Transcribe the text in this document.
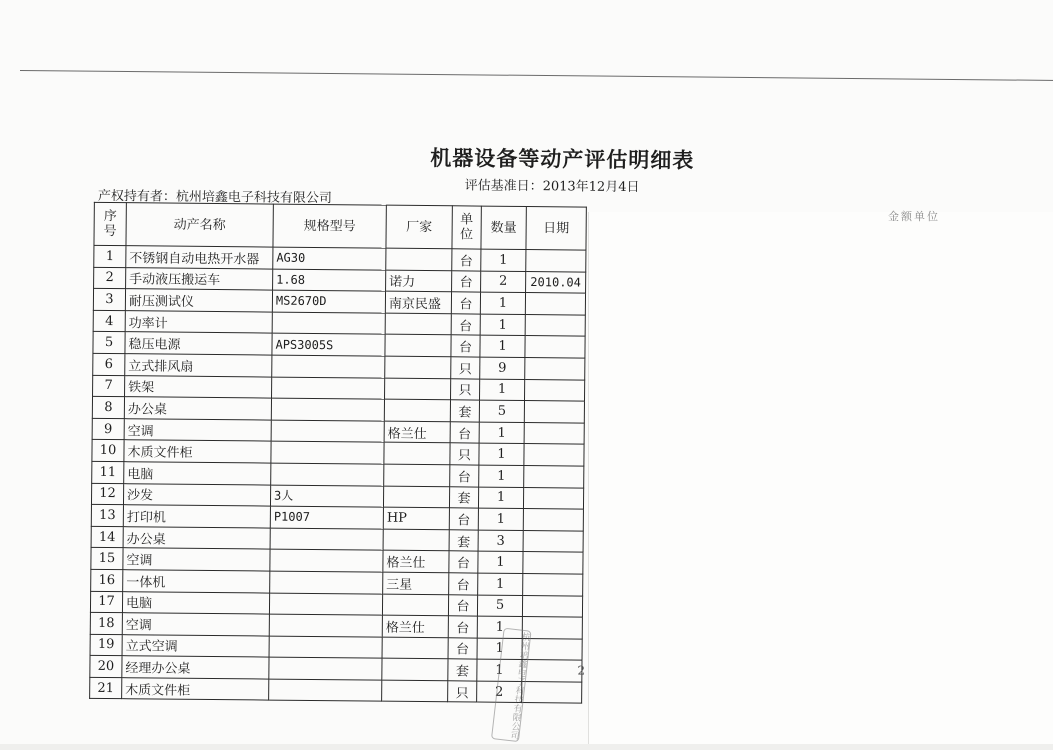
机器设备等动产评估明细表
评估基准日：2013年12月4日
产权持有者：杭州培鑫电子科技有限公司
序号	动产名称	规格型号	厂家	单位	数量	日期
1	不锈钢自动电热开水器	AG30		台	1	
2	手动液压搬运车	1.68	诺力	台	2	2010.04
3	耐压测试仪	MS2670D	南京民盛	台	1	
4	功率计			台	1	
5	稳压电源	APS3005S		台	1	
6	立式排风扇			只	9	
7	铁架			只	1	
8	办公桌			套	5	
9	空调		格兰仕	台	1	
10	木质文件柜			只	1	
11	电脑			台	1	
12	沙发	3人		套	1	
13	打印机	P1007	HP	台	1	
14	办公桌			套	3	
15	空调		格兰仕	台	1	
16	一体机		三星	台	1	
17	电脑			台	5	
18	空调		格兰仕	台	1	
19	立式空调			台	1	
20	经理办公桌			套	1	
21	木质文件柜			只	2	杭州培鑫电子科技有限公司	2
金额单位
